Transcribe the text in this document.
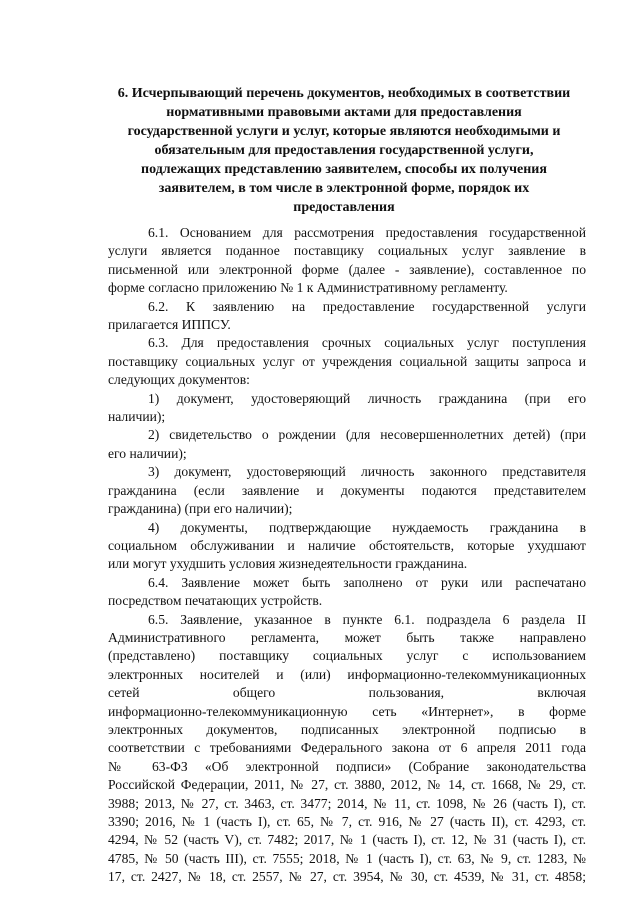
6. Исчерпывающий перечень документов, необходимых в соответствии
нормативными правовыми актами для предоставления
государственной услуги и услуг, которые являются необходимыми и
обязательным для предоставления государственной услуги,
подлежащих представлению заявителем, способы их получения
заявителем, в том числе в электронной форме, порядок их
предоставления
6.1. Основанием для рассмотрения предоставления государственной
услуги является поданное поставщику социальных услуг заявление в
письменной или электронной форме (далее - заявление), составленное по
форме согласно приложению № 1 к Административному регламенту.
6.2. К заявлению на предоставление государственной услуги
прилагается ИППСУ.
6.3. Для предоставления срочных социальных услуг поступления
поставщику социальных услуг от учреждения социальной защиты запроса и
следующих документов:
1) документ, удостоверяющий личность гражданина (при его
наличии);
2) свидетельство о рождении (для несовершеннолетних детей) (при
его наличии);
3) документ, удостоверяющий личность законного представителя
гражданина (если заявление и документы подаются представителем
гражданина) (при его наличии);
4) документы, подтверждающие нуждаемость гражданина в
социальном обслуживании и наличие обстоятельств, которые ухудшают
или могут ухудшить условия жизнедеятельности гражданина.
6.4. Заявление может быть заполнено от руки или распечатано
посредством печатающих устройств.
6.5. Заявление, указанное в пункте 6.1. подраздела 6 раздела II
Административного регламента, может быть также направлено
(представлено) поставщику социальных услуг с использованием
электронных носителей и (или) информационно-телекоммуникационных
сетей общего пользования, включая
информационно-телекоммуникационную сеть «Интернет», в форме
электронных документов, подписанных электронной подписью в
соответствии с требованиями Федерального закона от 6 апреля 2011 года
№ 63-ФЗ «Об электронной подписи» (Собрание законодательства
Российской Федерации, 2011, № 27, ст. 3880, 2012, № 14, ст. 1668, № 29, ст.
3988; 2013, № 27, ст. 3463, ст. 3477; 2014, № 11, ст. 1098, № 26 (часть I), ст.
3390; 2016, № 1 (часть I), ст. 65, № 7, ст. 916, № 27 (часть II), ст. 4293, ст.
4294, № 52 (часть V), ст. 7482; 2017, № 1 (часть I), ст. 12, № 31 (часть I), ст.
4785, № 50 (часть III), ст. 7555; 2018, № 1 (часть I), ст. 63, № 9, ст. 1283, №
17, ст. 2427, № 18, ст. 2557, № 27, ст. 3954, № 30, ст. 4539, № 31, ст. 4858;
